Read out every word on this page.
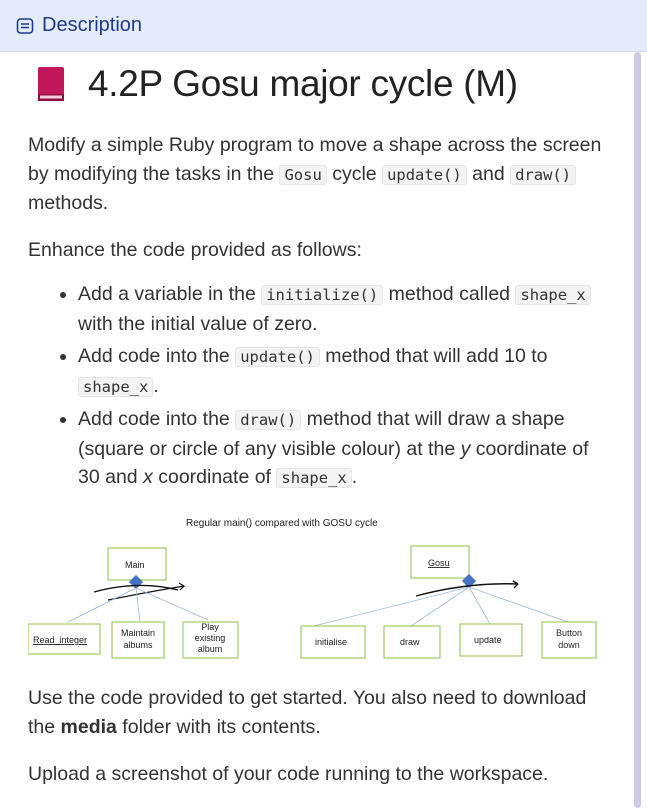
Description
4.2P Gosu major cycle (M)

Modify a simple Ruby program to move a shape across the screen by modifying the tasks in the Gosu cycle update() and draw() methods.

Enhance the code provided as follows:

• Add a variable in the initialize() method called shape_x with the initial value of zero.
• Add code into the update() method that will add 10 to shape_x .
• Add code into the draw() method that will draw a shape (square or circle of any visible colour) at the y coordinate of 30 and x coordinate of shape_x .
Regular main() compared with GOSU cycle
Main
Read_integer
Maintain albums
Play existing album
Gosu
initialise	draw	update
Button down

Use the code provided to get started. You also need to download the media folder with its contents.

Upload a screenshot of your code running to the workspace.
